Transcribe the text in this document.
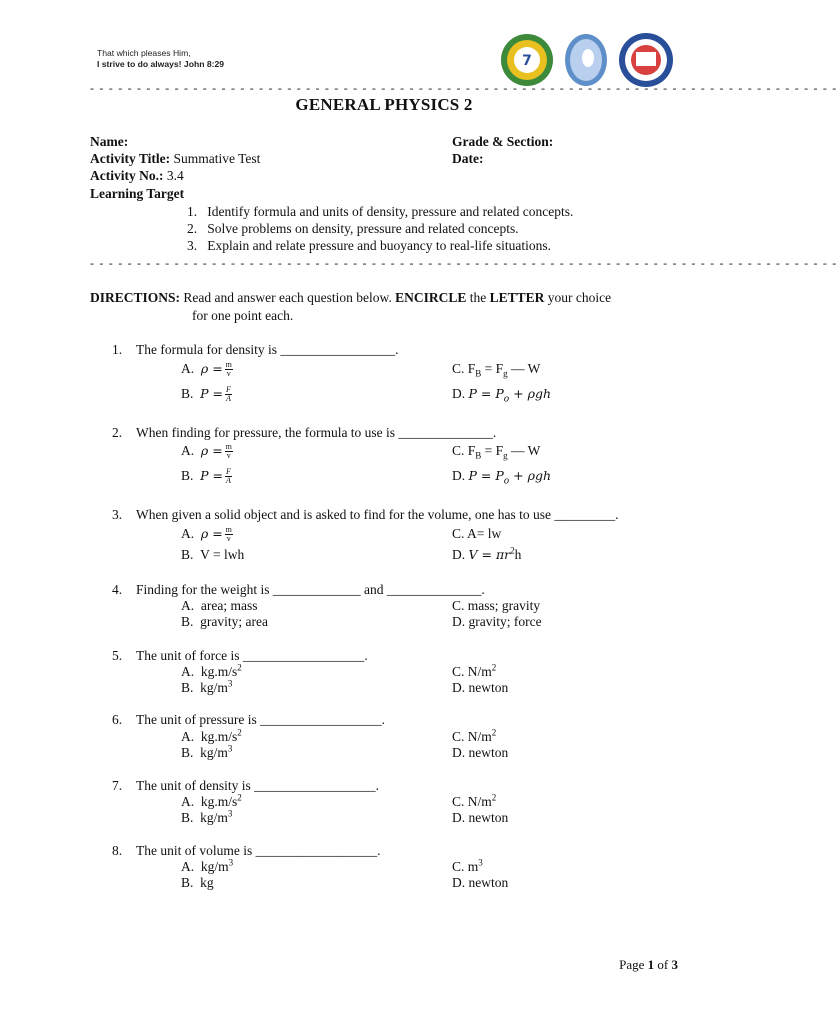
That which pleases Him,
I strive to do always! John 8:29	7
- - - - - - - - - - - - - - - - - - - - - - - - - - - - - - - - - - - - - - - - - - - - - - - - - - - - - - - - - - - - - - - - - - - - - - - - - - - - - - - -
GENERAL PHYSICS 2
Name:	Grade & Section:
Activity Title: Summative Test	Date:
Activity No.: 3.4
Learning Target
1.   Identify formula and units of density, pressure and related concepts.
2.   Solve problems on density, pressure and related concepts.
3.   Explain and relate pressure and buoyancy to real-life situations.
- - - - - - - - - - - - - - - - - - - - - - - - - - - - - - - - - - - - - - - - - - - - - - - - - - - - - - - - - - - - - - - - - - - - - - - - - - - - - - - -
DIRECTIONS: Read and answer each question below. ENCIRCLE the LETTER your choice
for one point each.
1. The formula for density is _________________.
A.  $\rho = \frac{m}{v}$	C. $F_B = F_g$ — W
B.  $P = \frac{F}{A}$	D. $P = P_o + \rho gh$
2. When finding for pressure, the formula to use is ______________.
A.  $\rho = \frac{m}{v}$	C. $F_B = F_g$ — W
B.  $P = \frac{F}{A}$	D. $P = P_o + \rho gh$
3. When given a solid object and is asked to find for the volume, one has to use _________.
A.  $\rho = \frac{m}{v}$	C. A= lw
B.  V = lwh	D. $V = \pi r^2h$
4. Finding for the weight is _____________ and ______________.
A.  area; mass	C. mass; gravity
B.  gravity; area	D. gravity; force
5. The unit of force is __________________.
A.  $kg.m/s^2$	C. $N/m^2$
B.  $kg/m^3$	D. newton
6. The unit of pressure is __________________.
A.  $kg.m/s^2$	C. $N/m^2$
B.  $kg/m^3$	D. newton
7. The unit of density is __________________.
A.  $kg.m/s^2$	C. $N/m^2$
B.  $kg/m^3$	D. newton
8. The unit of volume is __________________.
A.  $kg/m^3$	C. $m^3$
B.  kg	D. newton
Page 1 of 3
